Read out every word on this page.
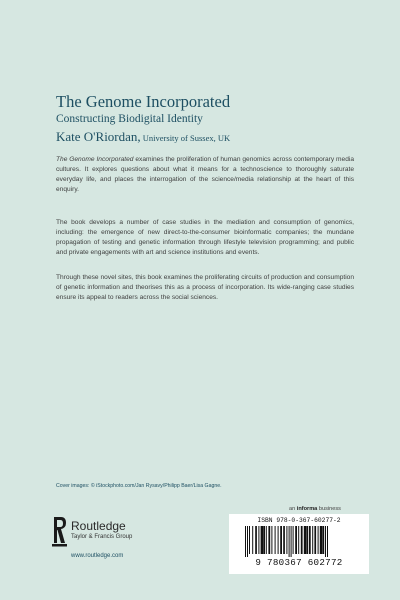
The Genome Incorporated
Constructing Biodigital Identity
Kate O'Riordan, University of Sussex, UK

The Genome Incorporated examines the proliferation of human genomics across contemporary media cultures. It explores questions about what it means for a technoscience to thoroughly saturate everyday life, and places the interrogation of the science/media relationship at the heart of this enquiry.

The book develops a number of case studies in the mediation and consumption of genomics, including: the emergence of new direct-to-the-consumer bioinformatic companies; the mundane propagation of testing and genetic information through lifestyle television programming; and public and private engagements with art and science institutions and events.

Through these novel sites, this book examines the proliferating circuits of production and consumption of genetic information and theorises this as a process of incorporation. Its wide-ranging case studies ensure its appeal to readers across the social sciences.

Cover images: © iStockphoto.com/Jan Rysavy/Philipp Baer/Lisa Gagne.
an informa business
Routledge
Taylor & Francis Group
www.routledge.com
ISBN 978-0-367-60277-2
9 780367 602772
